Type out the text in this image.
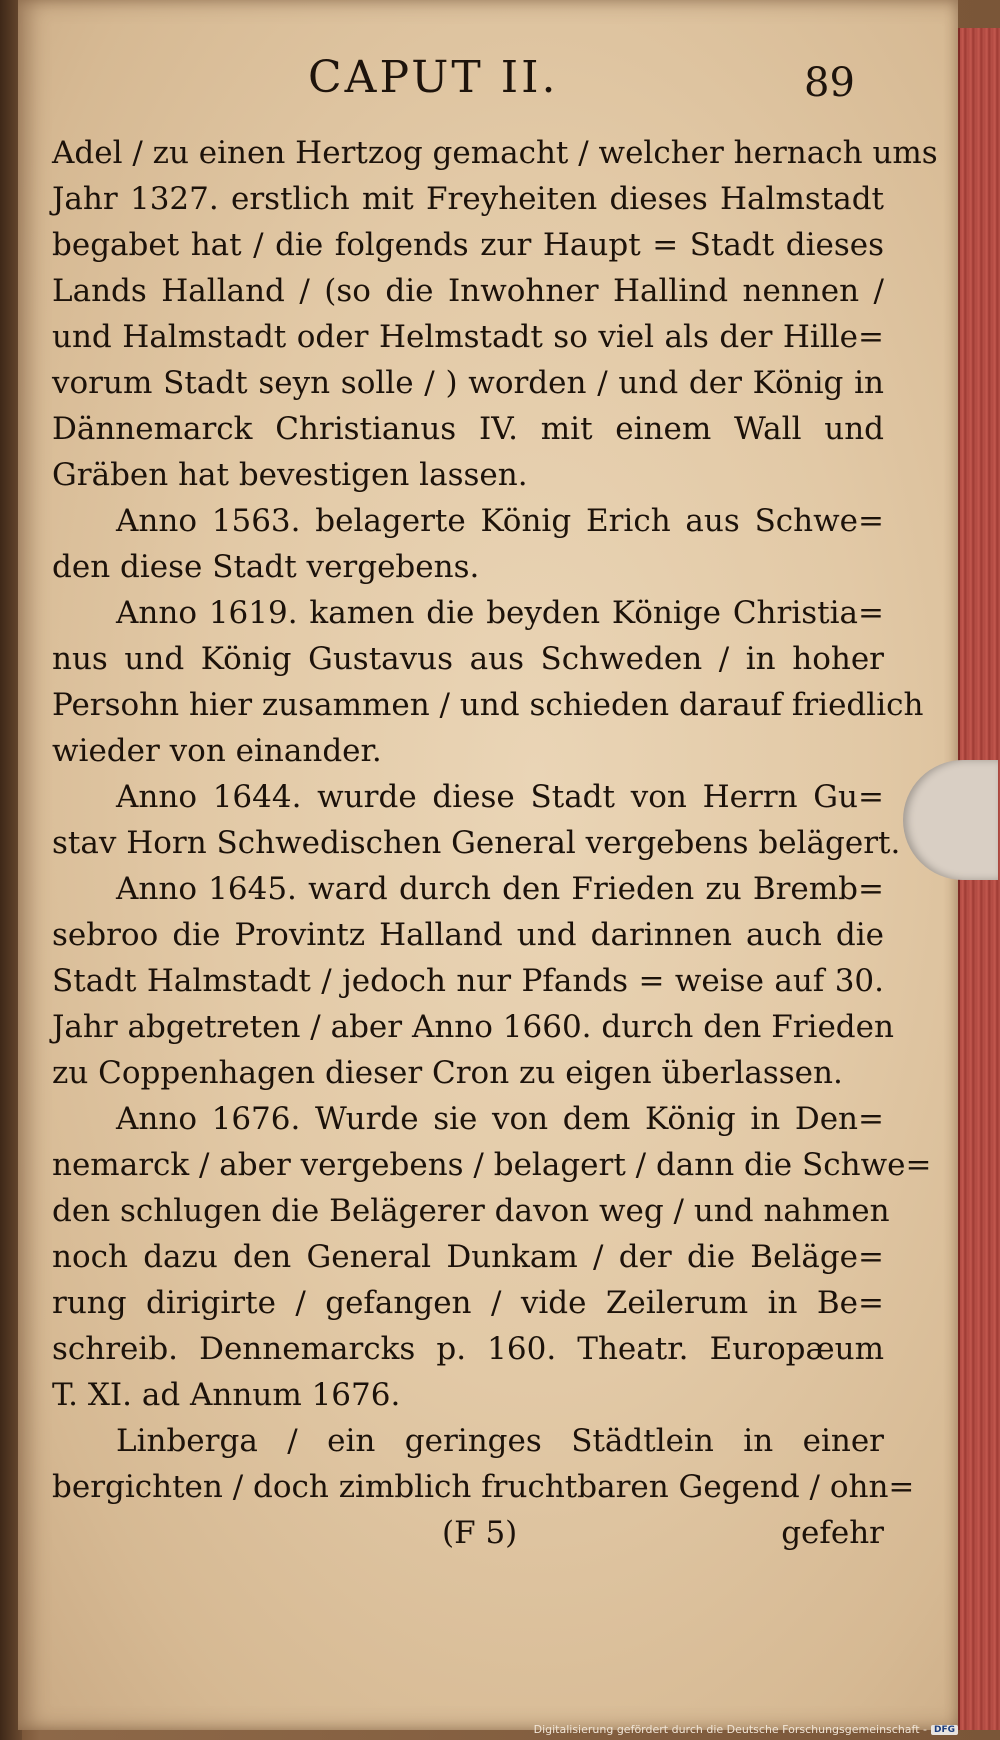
CAPUT II.	89
Adel / zu einen Hertzog gemacht / welcher hernach ums
Jahr 1327. erstlich mit Freyheiten dieses Halmstadt
begabet hat / die folgends zur Haupt = Stadt dieses
Lands Halland / (so die Inwohner Hallind nennen /
und Halmstadt oder Helmstadt so viel als der Hille=
vorum Stadt seyn solle / ) worden / und der König in
Dännemarck Christianus IV. mit einem Wall und
Gräben hat bevestigen lassen.
Anno 1563. belagerte König Erich aus Schwe=
den diese Stadt vergebens.
Anno 1619. kamen die beyden Könige Christia=
nus und König Gustavus aus Schweden / in hoher
Persohn hier zusammen / und schieden darauf friedlich
wieder von einander.
Anno 1644. wurde diese Stadt von Herrn Gu=
stav Horn Schwedischen General vergebens belägert.
Anno 1645. ward durch den Frieden zu Bremb=
sebroo die Provintz Halland und darinnen auch die
Stadt Halmstadt / jedoch nur Pfands = weise auf 30.
Jahr abgetreten / aber Anno 1660. durch den Frieden
zu Coppenhagen dieser Cron zu eigen überlassen.
Anno 1676. Wurde sie von dem König in Den=
nemarck / aber vergebens / belagert / dann die Schwe=
den schlugen die Belägerer davon weg / und nahmen
noch dazu den General Dunkam / der die Beläge=
rung dirigirte / gefangen / vide Zeilerum in Be=
schreib. Dennemarcks p. 160. Theatr. Europæum
T. XI. ad Annum 1676.
Linberga / ein geringes Städtlein in einer
bergichten / doch zimblich fruchtbaren Gegend / ohn=
(F 5)	gefehr
Digitalisierung gefördert durch die Deutsche Forschungsgemeinschaft - DFG
